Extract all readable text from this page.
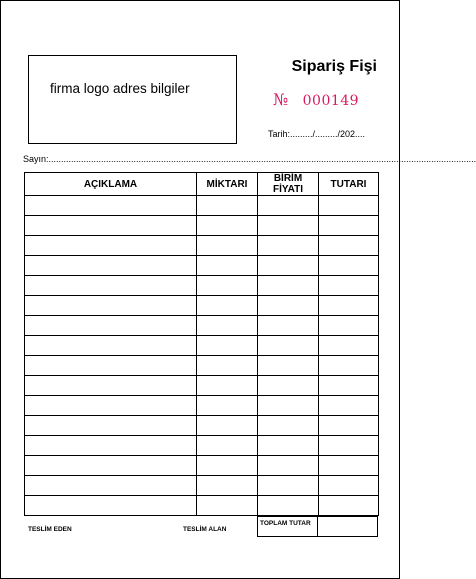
firma logo adres bilgiler
Sipariş Fişi
№ 000149
Tarih:........./........./202....
Sayın:...........................................................................................................................................................................
AÇIKLAMA	MİKTARI	BİRİM FİYATI	TUTARI

TOPLAM TUTAR
TESLİM EDEN	TESLİM ALAN
